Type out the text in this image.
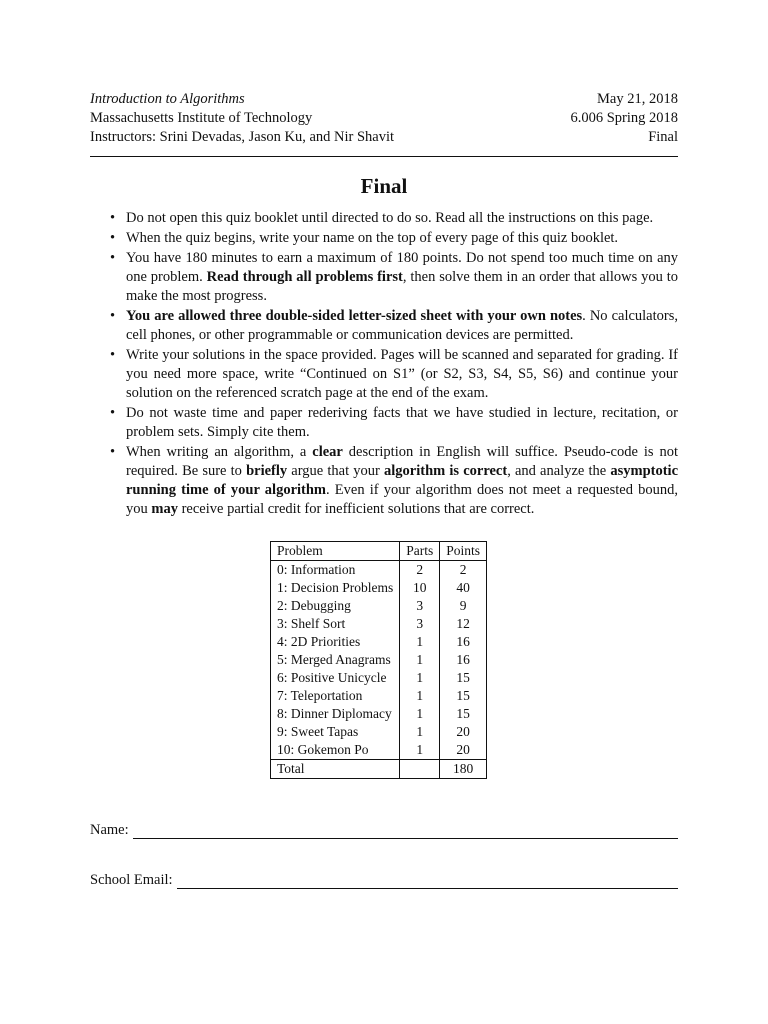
Introduction to Algorithms	May 21, 2018
Massachusetts Institute of Technology	6.006 Spring 2018
Instructors: Srini Devadas, Jason Ku, and Nir Shavit	Final
Final
• Do not open this quiz booklet until directed to do so. Read all the instructions on this page.
• When the quiz begins, write your name on the top of every page of this quiz booklet.
• You have 180 minutes to earn a maximum of 180 points. Do not spend too much time on any one problem. Read through all problems first, then solve them in an order that allows you to make the most progress.
• You are allowed three double-sided letter-sized sheet with your own notes. No calculators, cell phones, or other programmable or communication devices are permitted.
• Write your solutions in the space provided. Pages will be scanned and separated for grading. If you need more space, write “Continued on S1” (or S2, S3, S4, S5, S6) and continue your solution on the referenced scratch page at the end of the exam.
• Do not waste time and paper rederiving facts that we have studied in lecture, recitation, or problem sets. Simply cite them.
• When writing an algorithm, a clear description in English will suffice. Pseudo-code is not required. Be sure to briefly argue that your algorithm is correct, and analyze the asymptotic running time of your algorithm. Even if your algorithm does not meet a requested bound, you may receive partial credit for inefficient solutions that are correct.
Problem	Parts	Points
0: Information	2	2
1: Decision Problems	10	40
2: Debugging	3	9
3: Shelf Sort	3	12
4: 2D Priorities	1	16
5: Merged Anagrams	1	16
6: Positive Unicycle	1	15
7: Teleportation	1	15
8: Dinner Diplomacy	1	15
9: Sweet Tapas	1	20
10: Gokemon Po	1	20
Total		180
Name:
School Email:
